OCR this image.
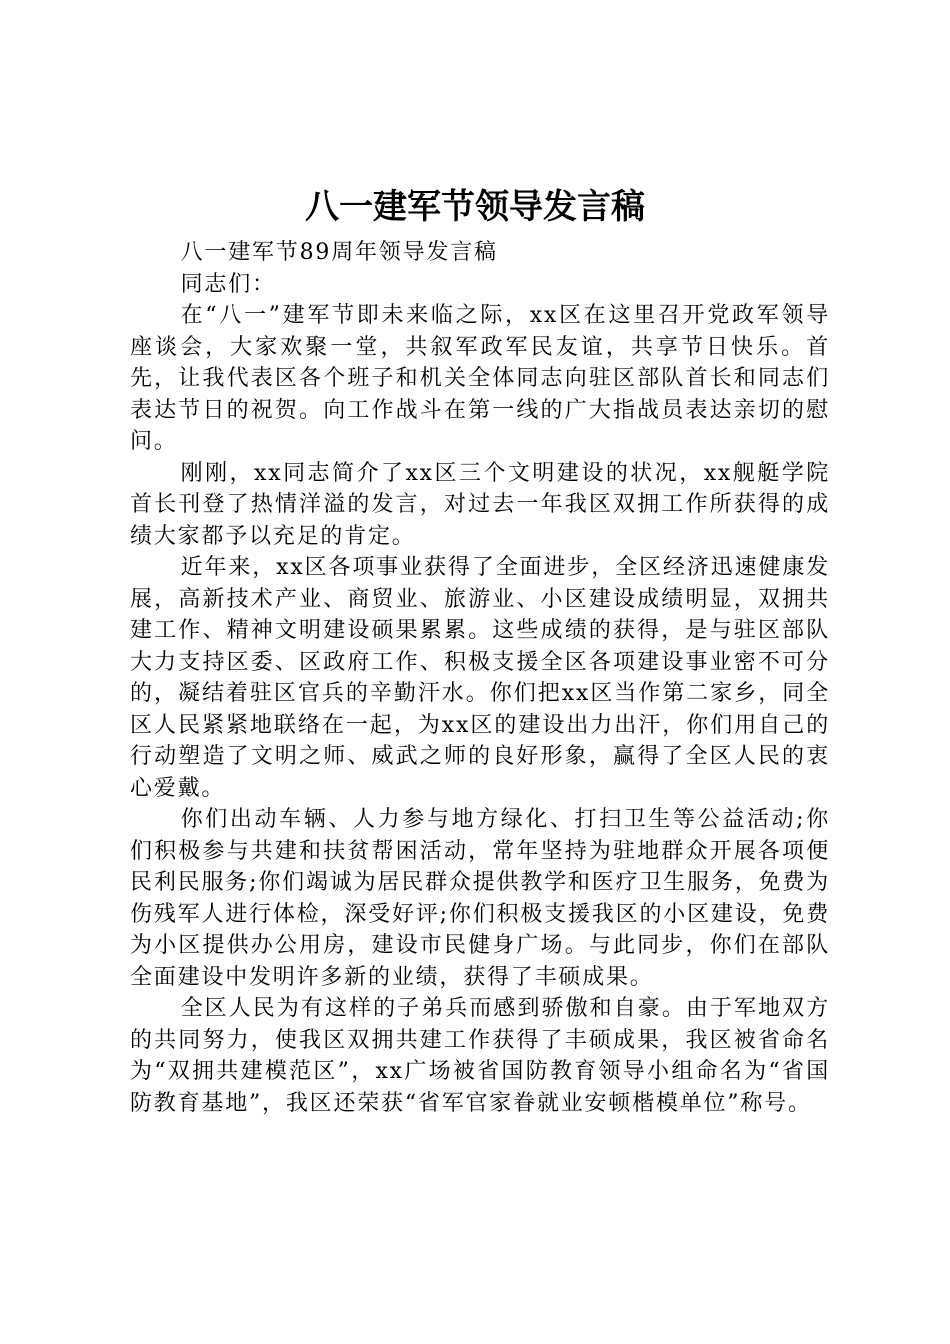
八一建军节领导发言稿

八一建军节89周年领导发言稿

同志们：

在“八一”建军节即未来临之际，xx区在这里召开党政军领导座谈会，大家欢聚一堂，共叙军政军民友谊，共享节日快乐。首先，让我代表区各个班子和机关全体同志向驻区部队首长和同志们表达节日的祝贺。向工作战斗在第一线的广大指战员表达亲切的慰问。

刚刚，xx同志简介了xx区三个文明建设的状况，xx舰艇学院首长刊登了热情洋溢的发言，对过去一年我区双拥工作所获得的成绩大家都予以充足的肯定。

近年来，xx区各项事业获得了全面进步，全区经济迅速健康发展，高新技术产业、商贸业、旅游业、小区建设成绩明显，双拥共建工作、精神文明建设硕果累累。这些成绩的获得，是与驻区部队大力支持区委、区政府工作、积极支援全区各项建设事业密不可分的，凝结着驻区官兵的辛勤汗水。你们把xx区当作第二家乡，同全区人民紧紧地联络在一起，为xx区的建设出力出汗，你们用自己的行动塑造了文明之师、威武之师的良好形象，赢得了全区人民的衷心爱戴。

你们出动车辆、人力参与地方绿化、打扫卫生等公益活动;你们积极参与共建和扶贫帮困活动，常年坚持为驻地群众开展各项便民利民服务;你们竭诚为居民群众提供教学和医疗卫生服务，免费为伤残军人进行体检，深受好评;你们积极支援我区的小区建设，免费为小区提供办公用房，建设市民健身广场。与此同步，你们在部队全面建设中发明许多新的业绩，获得了丰硕成果。

全区人民为有这样的子弟兵而感到骄傲和自豪。由于军地双方的共同努力，使我区双拥共建工作获得了丰硕成果，我区被省命名为“双拥共建模范区”，xx广场被省国防教育领导小组命名为“省国防教育基地”，我区还荣获“省军官家眷就业安顿楷模单位”称号。
